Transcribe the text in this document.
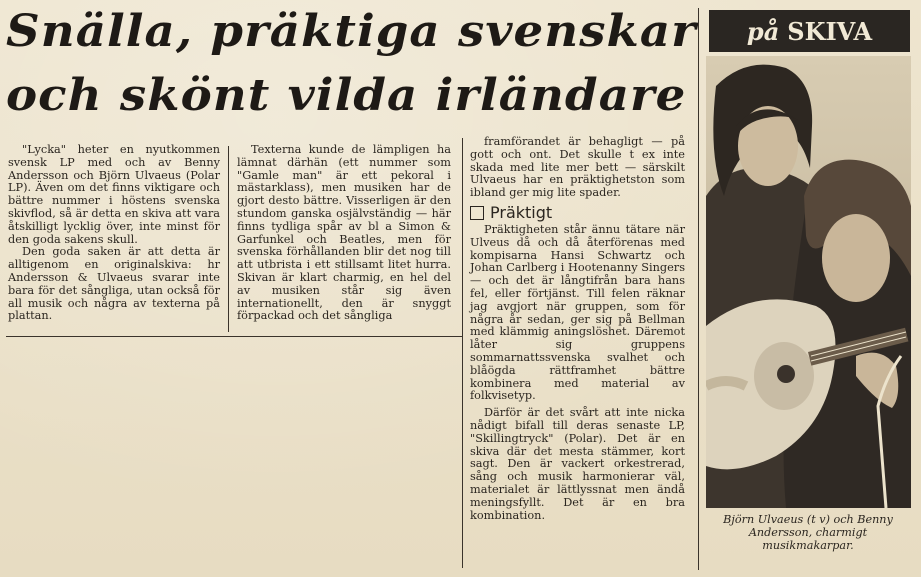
Snälla, präktiga svenskar
och skönt vilda irländare

"Lycka" heter en nyutkommen svensk LP med och av Benny Andersson och Björn Ulvaeus (Polar LP). Även om det finns viktigare och bättre nummer i höstens svenska skivflod, så är detta en skiva att vara åtskilligt lycklig över, inte minst för den goda sakens skull.

Den goda saken är att detta är alltigenom en originalskiva: hr Andersson & Ulvaeus svarar inte bara för det sångliga, utan också för all musik och några av texterna på plattan.

Texterna kunde de lämpligen ha lämnat därhän (ett nummer som "Gamle man" är ett pekoral i mästarklass), men musiken har de gjort desto bättre. Visserligen är den stundom ganska osjälvständig — här finns tydliga spår av bl a Simon & Garfunkel och Beatles, men för svenska förhållanden blir det nog till att utbrista i ett stillsamt litet hurra. Skivan är klart charmig, en hel del av musiken står sig även internationellt, den är snyggt förpackad och det sångliga

framförandet är behagligt — på gott och ont. Det skulle t ex inte skada med lite mer bett — särskilt Ulvaeus har en präktighetston som ibland ger mig lite spader.

Präktigt

Präktigheten står ännu tätare när Ulveus då och då återförenas med kompisarna Hansi Schwartz och Johan Carlberg i Hootenanny Singers — och det är långtifrån bara hans fel, eller förtjänst. Till felen räknar jag avgjort när gruppen, som för några år sedan, ger sig på Bellman med klämmig aningslöshet. Däremot låter sig gruppens sommarnattssvenska svalhet och blåögda rättframhet bättre kombinera med material av folkvisetyp.

Därför är det svårt att inte nicka nådigt bifall till deras senaste LP, "Skillingtryck" (Polar). Det är en skiva där det mesta stämmer, kort sagt. Den är vackert orkestrerad, sång och musik harmonierar väl, materialet är lättlyssnat men ändå meningsfyllt. Det är en bra kombination.

på SKIVA
Björn Ulvaeus (t v) och Benny Andersson, charmigt musikmakarpar.
